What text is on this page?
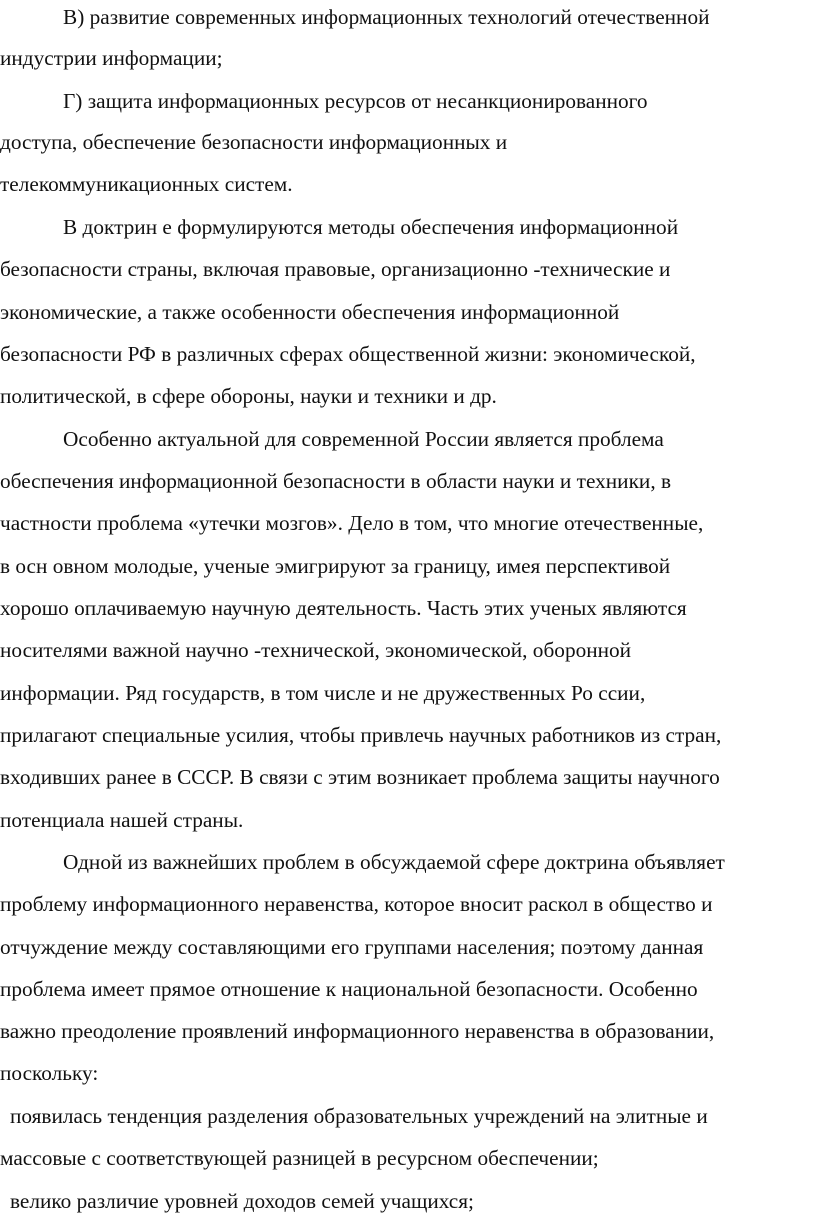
В) развитие современных информационных технологий отечественной

индустрии информации;

Г) защита информационных ресурсов от несанкционированного

доступа, обеспечение безопасности информационных и

телекоммуникационных систем.

В доктрин е формулируются методы обеспечения информационной

безопасности страны, включая правовые, организационно -технические и

экономические, а также особенности обеспечения информационной

безопасности РФ в различных сферах общественной жизни: экономической,

политической, в сфере обороны, науки и техники и др.

Особенно актуальной для современной России является проблема

обеспечения информационной безопасности в области науки и техники, в

частности проблема «утечки мозгов». Дело в том, что многие отечественные,

в осн овном молодые, ученые эмигрируют за границу, имея перспективой

хорошо оплачиваемую научную деятельность. Часть этих ученых являются

носителями важной научно -технической, экономической, оборонной

информации. Ряд государств, в том числе и не дружественных Ро ссии,

прилагают специальные усилия, чтобы привлечь научных работников из стран,

входивших ранее в СССР. В связи с этим возникает проблема защиты научного

потенциала нашей страны.

Одной из важнейших проблем в обсуждаемой сфере доктрина объявляет

проблему информационного неравенства, которое вносит раскол в общество и

отчуждение между составляющими его группами населения; поэтому данная

проблема имеет прямое отношение к национальной безопасности. Особенно

важно преодоление проявлений информационного неравенства в образовании,

поскольку:

появилась тенденция разделения образовательных учреждений на элитные и

массовые с соответствующей разницей в ресурсном обеспечении;

велико различие уровней доходов семей учащихся;
